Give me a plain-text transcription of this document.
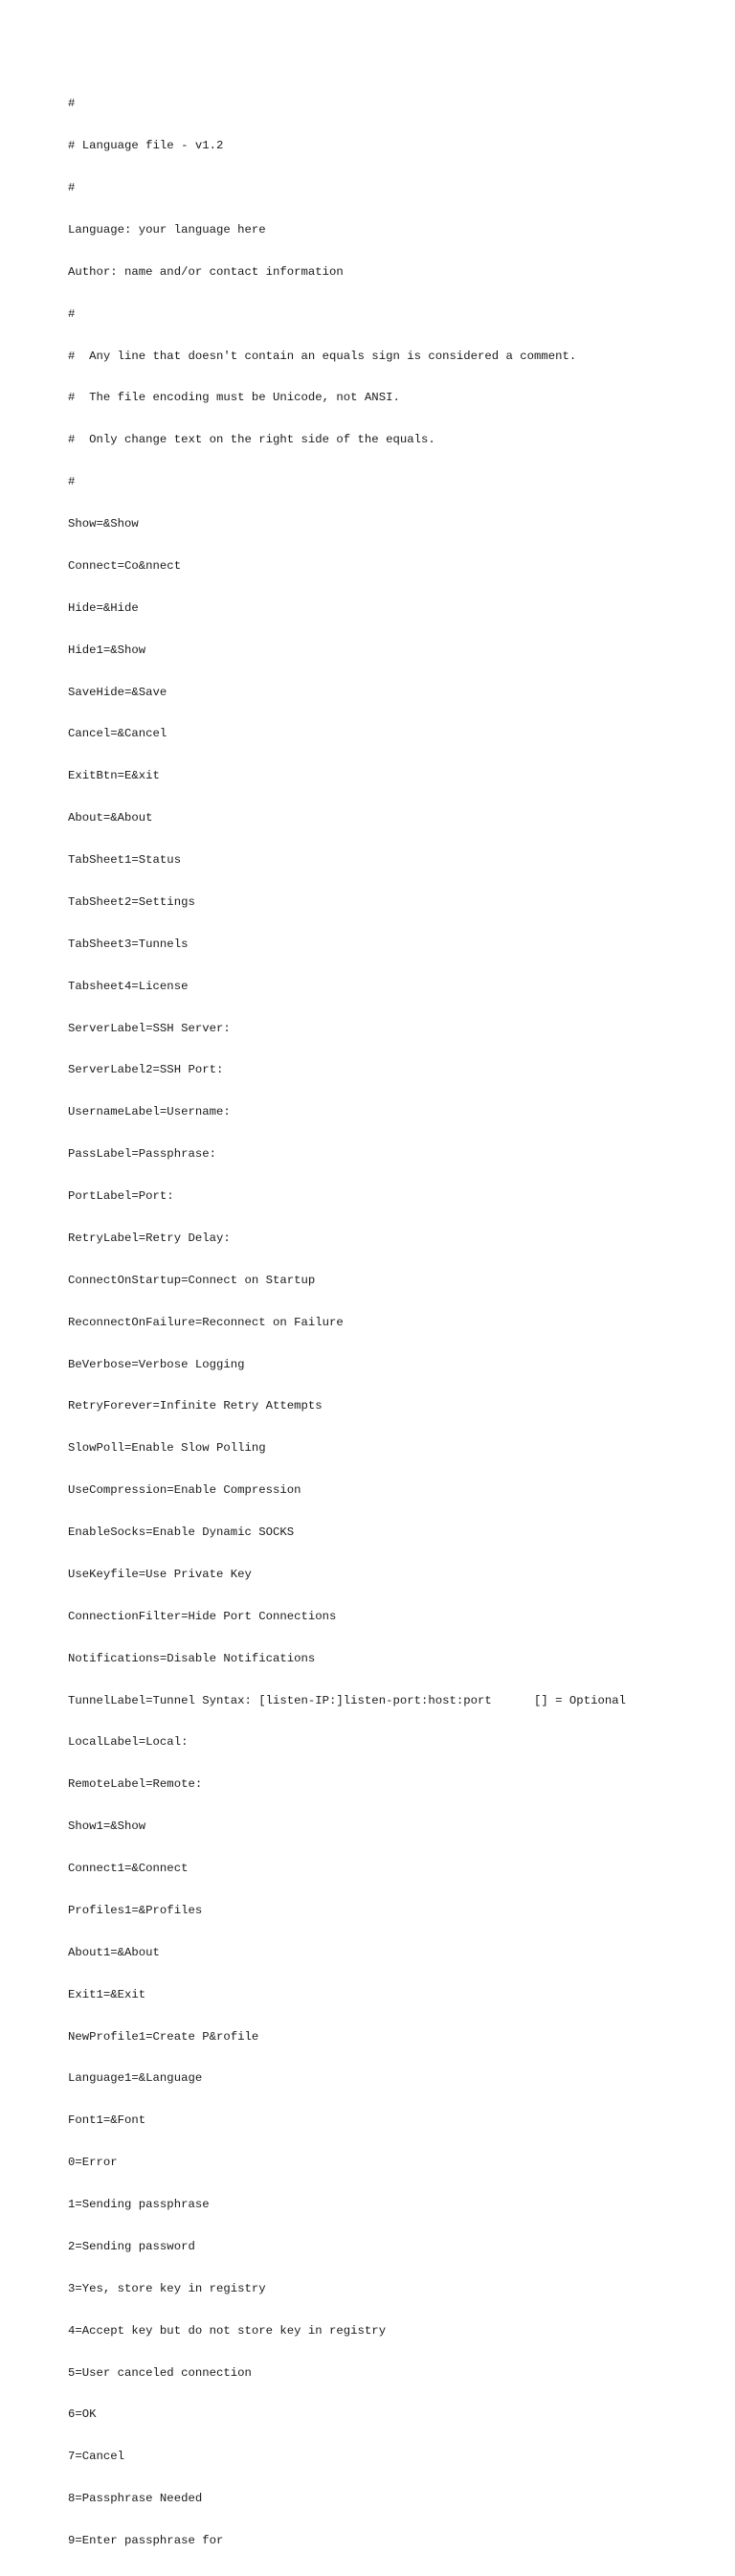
#

# Language file - v1.2

#

Language: your language here

Author: name and/or contact information

#

#  Any line that doesn't contain an equals sign is considered a comment.

#  The file encoding must be Unicode, not ANSI.

#  Only change text on the right side of the equals.

#

Show=&Show

Connect=Co&nnect

Hide=&Hide

Hide1=&Show

SaveHide=&Save

Cancel=&Cancel

ExitBtn=E&xit

About=&About

TabSheet1=Status

TabSheet2=Settings

TabSheet3=Tunnels

Tabsheet4=License

ServerLabel=SSH Server:

ServerLabel2=SSH Port:

UsernameLabel=Username:

PassLabel=Passphrase:

PortLabel=Port:

RetryLabel=Retry Delay:

ConnectOnStartup=Connect on Startup

ReconnectOnFailure=Reconnect on Failure

BeVerbose=Verbose Logging

RetryForever=Infinite Retry Attempts

SlowPoll=Enable Slow Polling

UseCompression=Enable Compression

EnableSocks=Enable Dynamic SOCKS

UseKeyfile=Use Private Key

ConnectionFilter=Hide Port Connections

Notifications=Disable Notifications

TunnelLabel=Tunnel Syntax: [listen-IP:]listen-port:host:port      [] = Optional

LocalLabel=Local:

RemoteLabel=Remote:

Show1=&Show

Connect1=&Connect

Profiles1=&Profiles

About1=&About

Exit1=&Exit

NewProfile1=Create P&rofile

Language1=&Language

Font1=&Font

0=Error

1=Sending passphrase

2=Sending password

3=Yes, store key in registry

4=Accept key but do not store key in registry

5=User canceled connection

6=OK

7=Cancel

8=Passphrase Needed

9=Enter passphrase for
